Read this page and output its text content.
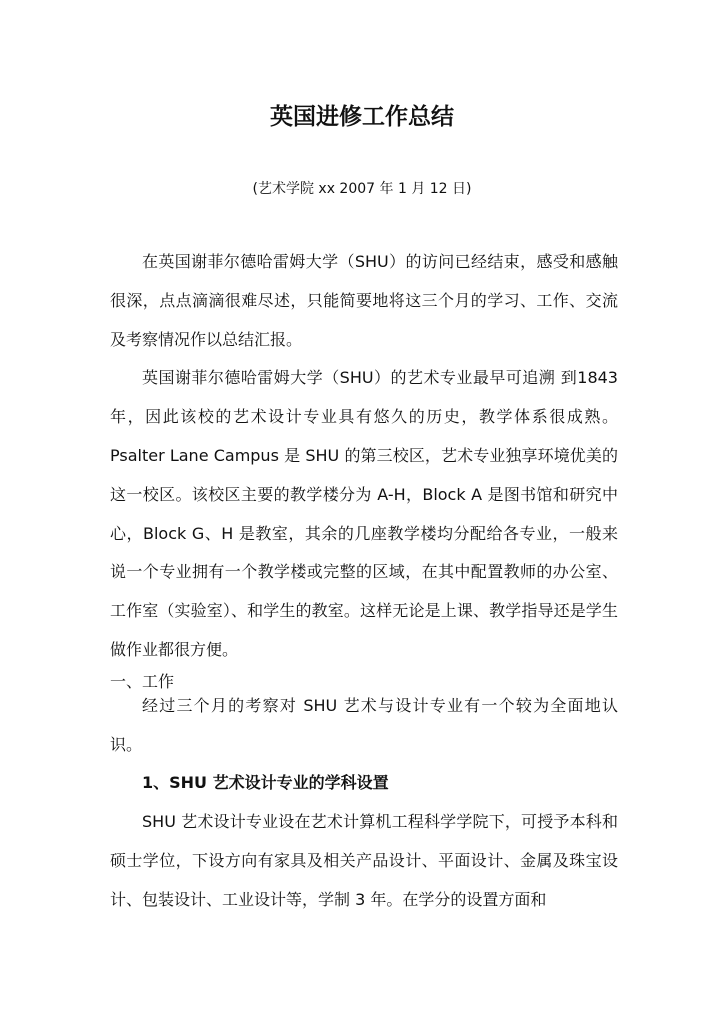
英国进修工作总结

(艺术学院 xx 2007 年 1 月 12 日)

在英国谢菲尔德哈雷姆大学（SHU）的访问已经结束，感受和感触很深，点点滴滴很难尽述，只能简要地将这三个月的学习、工作、交流及考察情况作以总结汇报。

英国谢菲尔德哈雷姆大学（SHU）的艺术专业最早可追溯 到1843 年，因此该校的艺术设计专业具有悠久的历史，教学体系很成熟。Psalter Lane Campus 是 SHU 的第三校区，艺术专业独享环境优美的这一校区。该校区主要的教学楼分为 A-H，Block A 是图书馆和研究中心，Block G、H 是教室，其余的几座教学楼均分配给各专业，一般来说一个专业拥有一个教学楼或完整的区域，在其中配置教师的办公室、工作室（实验室）、和学生的教室。这样无论是上课、教学指导还是学生做作业都很方便。

一、工作

经过三个月的考察对 SHU 艺术与设计专业有一个较为全面地认识。

1、SHU 艺术设计专业的学科设置

SHU 艺术设计专业设在艺术计算机工程科学学院下，可授予本科和硕士学位，下设方向有家具及相关产品设计、平面设计、金属及珠宝设计、包装设计、工业设计等，学制 3 年。在学分的设置方面和
